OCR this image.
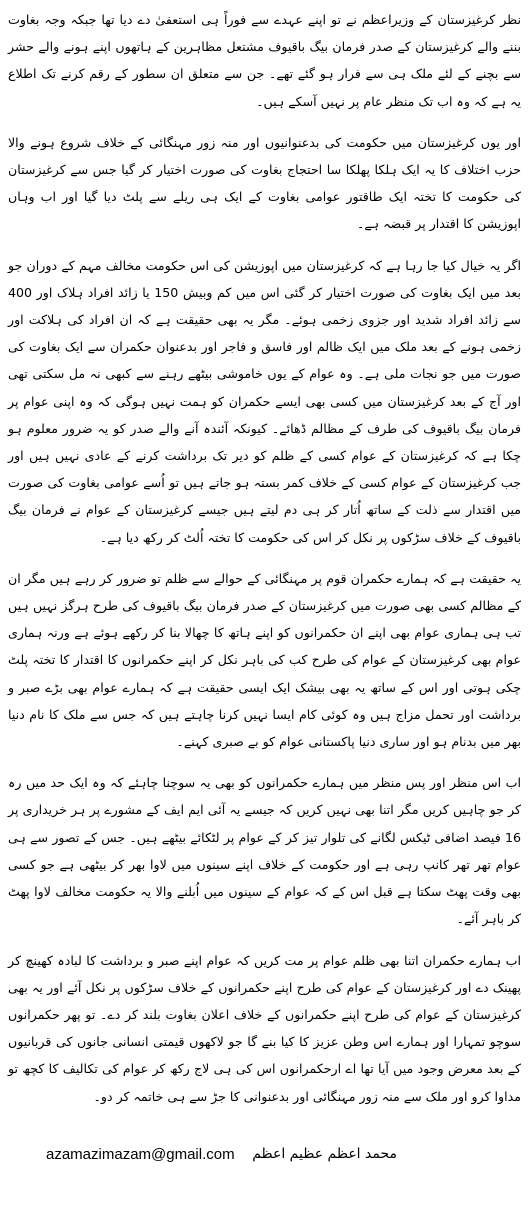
نظر کرغیزستان کے وزیراعظم نے تو اپنے عہدے سے فوراً ہی استعفیٰ دے دیا تھا جبکہ وجہ بغاوت بننے والے کرغیزستان کے صدر فرمان بیگ باقیوف مشتعل مظاہرین کے ہاتھوں اپنے ہونے والے حشر سے بچنے کے لئے ملک ہی سے فرار ہو گئے تھے۔ جن سے متعلق ان سطور کے رقم کرنے تک اطلاع یہ ہے کہ وہ اب تک منظر عام پر نہیں آسکے ہیں۔

اور یوں کرغیزستان میں حکومت کی بدعنوانیوں اور منہ زور مہنگائی کے خلاف شروع ہونے والا حزب اختلاف کا یہ ایک ہلکا پھلکا سا احتجاج بغاوت کی صورت اختیار کر گیا جس سے کرغیزستان کی حکومت کا تختہ ایک طاقتور عوامی بغاوت کے ایک ہی ریلے سے پلٹ دیا گیا اور اب وہاں اپوزیشن کا اقتدار پر قبضہ ہے۔

اگر یہ خیال کیا جا رہا ہے کہ کرغیزستان میں اپوزیشن کی اس حکومت مخالف مہم کے دوران جو بعد میں ایک بغاوت کی صورت اختیار کر گئی اس میں کم وبیش 150 یا زائد افراد ہلاک اور 400 سے زائد افراد شدید اور جزوی زخمی ہوئے۔ مگر یہ بھی حقیقت ہے کہ ان افراد کی ہلاکت اور زخمی ہونے کے بعد ملک میں ایک ظالم اور فاسق و فاجر اور بدعنوان حکمران سے ایک بغاوت کی صورت میں جو نجات ملی ہے۔ وہ عوام کے یوں خاموشی بیٹھے رہنے سے کبھی نہ مل سکتی تھی اور آج کے بعد کرغیزستان میں کسی بھی ایسے حکمران کو ہمت نہیں ہوگی کہ وہ اپنی عوام پر فرمان بیگ باقیوف کی طرف کے مظالم ڈھائے۔ کیونکہ آئندہ آنے والے صدر کو یہ ضرور معلوم ہو چکا ہے کہ کرغیزستان کے عوام کسی کے ظلم کو دیر تک برداشت کرنے کے عادی نہیں ہیں اور جب کرغیزستان کے عوام کسی کے خلاف کمر بستہ ہو جاتے ہیں تو اُسے عوامی بغاوت کی صورت میں اقتدار سے ذلت کے ساتھ اُتار کر ہی دم لیتے ہیں جیسے کرغیزستان کے عوام نے فرمان بیگ باقیوف کے خلاف سڑکوں پر نکل کر اس کی حکومت کا تختہ اُلٹ کر رکھ دیا ہے۔

یہ حقیقت ہے کہ ہمارے حکمران قوم پر مہنگائی کے حوالے سے ظلم تو ضرور کر رہے ہیں مگر ان کے مظالم کسی بھی صورت میں کرغیزستان کے صدر فرمان بیگ باقیوف کی طرح ہرگز نہیں ہیں تب ہی ہماری عوام بھی اپنے ان حکمرانوں کو اپنے ہاتھ کا چھالا بنا کر رکھے ہوئے ہے ورنہ ہماری عوام بھی کرغیزستان کے عوام کی طرح کب کی باہر نکل کر اپنے حکمرانوں کا اقتدار کا تختہ پلٹ چکی ہوتی اور اس کے ساتھ یہ بھی بیشک ایک ایسی حقیقت ہے کہ ہمارے عوام بھی بڑے صبر و برداشت اور تحمل مزاج ہیں وہ کوئی کام ایسا نہیں کرنا چاہتے ہیں کہ جس سے ملک کا نام دنیا بھر میں بدنام ہو اور ساری دنیا پاکستانی عوام کو بے صبری کہنے۔

اب اس منظر اور پس منظر میں ہمارے حکمرانوں کو بھی یہ سوچنا چاہئے کہ وہ ایک حد میں رہ کر جو چاہیں کریں مگر اتنا بھی نہیں کریں کہ جیسے یہ آئی ایم ایف کے مشورے پر ہر خریداری پر 16 فیصد اضافی ٹیکس لگانے کی تلوار تیز کر کے عوام پر لٹکائے بیٹھے ہیں۔ جس کے تصور سے ہی عوام تھر تھر کانپ رہی ہے اور حکومت کے خلاف اپنے سینوں میں لاوا بھر کر بیٹھی ہے جو کسی بھی وقت پھٹ سکتا ہے قبل اس کے کہ عوام کے سینوں میں اُبلنے والا یہ حکومت مخالف لاوا پھٹ کر باہر آئے۔

اب ہمارے حکمران اتنا بھی ظلم عوام پر مت کریں کہ عوام اپنے صبر و برداشت کا لبادہ کھینچ کر پھینک دے اور کرغیزستان کے عوام کی طرح اپنے حکمرانوں کے خلاف سڑکوں پر نکل آئے اور یہ بھی کرغیزستان کے عوام کی طرح اپنے حکمرانوں کے خلاف اعلان بغاوت بلند کر دے۔ تو پھر حکمرانوں سوچو تمہارا اور ہمارے اس وطن عزیز کا کیا بنے گا جو لاکھوں قیمتی انسانی جانوں کی قربانیوں کے بعد معرض وجود میں آیا تھا اے ارحکمرانوں اس کی ہی لاج رکھ کر عوام کی تکالیف کا کچھ تو مداوا کرو اور ملک سے منہ زور مہنگائی اور بدعنوانی کا جڑ سے ہی خاتمہ کر دو۔

محمد اعظم عظیم اعظم
azamazimazam@gmail.com
